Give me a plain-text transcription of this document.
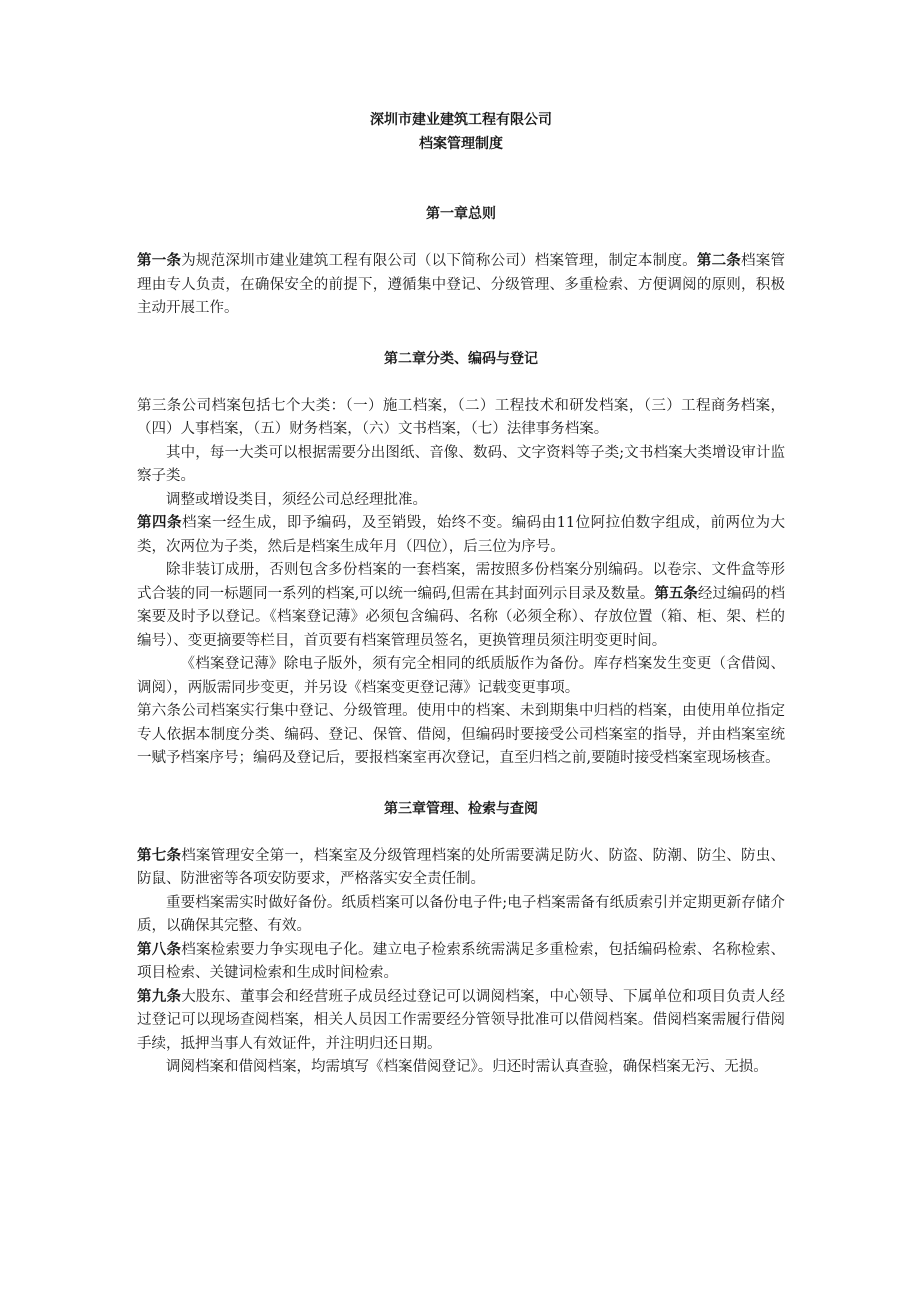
深圳市建业建筑工程有限公司
档案管理制度
第一章总则

第一条为规范深圳市建业建筑工程有限公司（以下简称公司）档案管理，制定本制度。第二条档案管理由专人负责，在确保安全的前提下，遵循集中登记、分级管理、多重检索、方便调阅的原则，积极主动开展工作。

第二章分类、编码与登记

第三条公司档案包括七个大类：（一）施工档案，（二）工程技术和研发档案，（三）工程商务档案，（四）人事档案，（五）财务档案，（六）文书档案，（七）法律事务档案。

其中，每一大类可以根据需要分出图纸、音像、数码、文字资料等子类;文书档案大类增设审计监察子类。

调整或增设类目，须经公司总经理批准。

第四条档案一经生成，即予编码，及至销毁，始终不变。编码由11位阿拉伯数字组成，前两位为大类，次两位为子类，然后是档案生成年月（四位），后三位为序号。

除非装订成册，否则包含多份档案的一套档案，需按照多份档案分别编码。以卷宗、文件盒等形式合装的同一标题同一系列的档案,可以统一编码,但需在其封面列示目录及数量。第五条经过编码的档案要及时予以登记。《档案登记薄》必须包含编码、名称（必须全称）、存放位置（箱、柜、架、栏的编号）、变更摘要等栏目，首页要有档案管理员签名，更换管理员须注明变更时间。

《档案登记薄》除电子版外，须有完全相同的纸质版作为备份。库存档案发生变更（含借阅、调阅），两版需同步变更，并另设《档案变更登记薄》记载变更事项。

第六条公司档案实行集中登记、分级管理。使用中的档案、未到期集中归档的档案，由使用单位指定专人依据本制度分类、编码、登记、保管、借阅，但编码时要接受公司档案室的指导，并由档案室统一赋予档案序号；编码及登记后，要报档案室再次登记，直至归档之前,要随时接受档案室现场核查。

第三章管理、检索与查阅

第七条档案管理安全第一，档案室及分级管理档案的处所需要满足防火、防盗、防潮、防尘、防虫、防鼠、防泄密等各项安防要求，严格落实安全责任制。

重要档案需实时做好备份。纸质档案可以备份电子件;电子档案需备有纸质索引并定期更新存储介质，以确保其完整、有效。

第八条档案检索要力争实现电子化。建立电子检索系统需满足多重检索，包括编码检索、名称检索、项目检索、关键词检索和生成时间检索。

第九条大股东、董事会和经营班子成员经过登记可以调阅档案，中心领导、下属单位和项目负责人经过登记可以现场查阅档案，相关人员因工作需要经分管领导批准可以借阅档案。借阅档案需履行借阅手续，抵押当事人有效证件，并注明归还日期。

调阅档案和借阅档案，均需填写《档案借阅登记》。归还时需认真查验，确保档案无污、无损。
